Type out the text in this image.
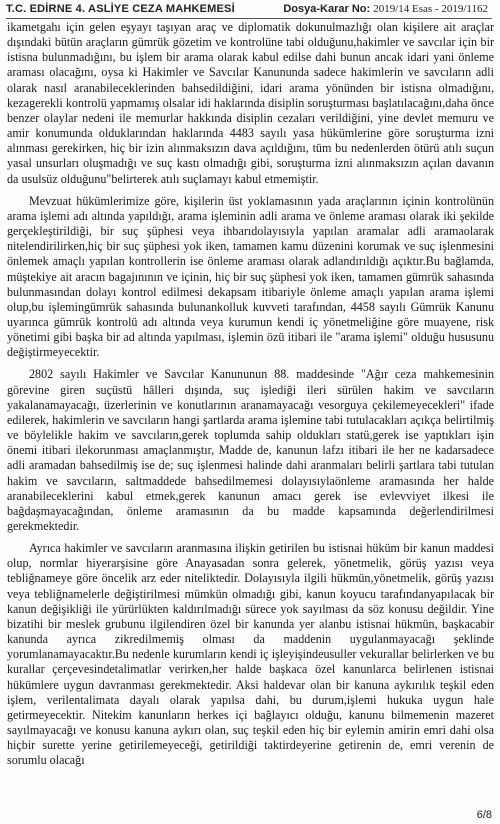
T.C. EDİRNE 4. ASLİYE CEZA MAHKEMESİ	Dosya-Karar No: 2019/14 Esas - 2019/1162

ikametgahı için gelen eşyayı taşıyan araç ve diplomatik dokunulmazlığı olan kişilere ait araçlar dışındaki bütün araçların gümrük gözetim ve kontrolüne tabi olduğunu,hakimler ve savcılar için bir istisna bulunmadığını, bu işlem bir arama olarak kabul edilse dahi bunun ancak idari yani önleme araması olacağını, oysa ki Hakimler ve Savcılar Kanununda sadece hakimlerin ve savcıların adli olarak nasıl aranabileceklerinden bahsedildiğini, idari arama yönünden bir istisna olmadığını, kezagerekli kontrolü yapmamış olsalar idi haklarında disiplin soruşturması başlatılacağını,daha önce benzer olaylar nedeni ile memurlar hakkında disiplin cezaları verildiğini, yine devlet memuru ve amir konumunda olduklarından haklarında 4483 sayılı yasa hükümlerine göre soruşturma izni alınması gerekirken, hiç bir izin alınmaksızın dava açıldığını, tüm bu nedenlerden ötürü atılı suçun yasal unsurları oluşmadığı ve suç kastı olmadığı gibi, soruşturma izni alınmaksızın açılan davanın da usulsüz olduğunu"belirterek atılı suçlamayı kabul etmemiştir.

Mevzuat hükümlerimize göre, kişilerin üst yoklamasının yada araçlarının içinin kontrolünün arama işlemi adı altında yapıldığı, arama işleminin adli arama ve önleme araması olarak iki şekilde gerçekleştirildiği, bir suç şüphesi veya ihbarıdolayısıyla yapılan aramalar adli aramaolarak nitelendirilirken,hiç bir suç şüphesi yok iken, tamamen kamu düzenini korumak ve suç işlenmesini önlemek amaçlı yapılan kontrollerin ise önleme araması olarak adlandırıldığı açıktır.Bu bağlamda, müştekiye ait aracın bagajınının ve içinin, hiç bir suç şüphesi yok iken, tamamen gümrük sahasında bulunmasından dolayı kontrol edilmesi dekapsam itibariyle önleme amaçlı yapılan arama işlemi olup,bu işlemingümrük sahasında bulunankolluk kuvveti tarafından, 4458 sayılı Gümrük Kanunu uyarınca gümrük kontrolü adı altında veya kurumun kendi iç yönetmeliğine göre muayene, risk yönetimi gibi başka bir ad altında yapılması, işlemin özü itibari ile "arama işlemi" olduğu hususunu değiştirmeyecektir.

2802 sayılı Hakimler ve Savcılar Kanununun 88. maddesinde "Ağır ceza mahkemesinin görevine giren suçüstü hâlleri dışında, suç işlediği ileri sürülen hakim ve savcıların yakalanamayacağı, üzerlerinin ve konutlarının aranamayacağı vesorguya çekilemeyecekleri" ifade edilerek, hakimlerin ve savcıların hangi şartlarda arama işlemine tabi tutulacakları açıkça belirtilmiş ve böylelikle hakim ve savcıların,gerek toplumda sahip oldukları statü,gerek ise yaptıkları işin önemi itibari ilekorunması amaçlanmıştır, Madde de, kanunun lafzı itibari ile her ne kadarsadece adli aramadan bahsedilmiş ise de; suç işlenmesi halinde dahi aranmaları belirli şartlara tabi tutulan hakim ve savcıların, saltmaddede bahsedilmemesi dolayısıylaönleme aramasında her halde aranabileceklerini kabul etmek,gerek kanunun amacı gerek ise evlevviyet ilkesi ile bağdaşmayacağından, önleme aramasının da bu madde kapsamında değerlendirilmesi gerekmektedir.

Ayrıca hakimler ve savcıların aranmasına ilişkin getirilen bu istisnai hüküm bir kanun maddesi olup, normlar hiyerarşisine göre Anayasadan sonra gelerek, yönetmelik, görüş yazısı veya tebliğnameye göre öncelik arz eder niteliktedir. Dolayısıyla ilgili hükmün,yönetmelik, görüş yazısı veya tebliğnamelerle değiştirilmesi mümkün olmadığı gibi, kanun koyucu tarafındanyapılacak bir kanun değişikliği ile yürürlükten kaldırılmadığı sürece yok sayılması da söz konusu değildir. Yine bizatihi bir meslek grubunu ilgilendiren özel bir kanunda yer alanbu istisnai hükmün, başkacabir kanunda ayrıca zikredilmemiş olması da maddenin uygulanmayacağı şeklinde yorumlanamayacaktır.Bu nedenle kurumların kendi iç işleyişindeusuller vekurallar belirlerken ve bu kurallar çerçevesindetalimatlar verirken,her halde başkaca özel kanunlarca belirlenen istisnai hükümlere uygun davranması gerekmektedir. Aksi haldevar olan bir kanuna aykırılık teşkil eden işlem, verilentalimata dayalı olarak yapılsa dahi, bu durum,işlemi hukuka uygun hale getirmeyecektir. Nitekim kanunların herkes içi bağlayıcı olduğu, kanunu bilmemenin mazeret sayılmayacağı ve konusu kanuna aykırı olan, suç teşkil eden hiç bir eylemin amirin emri dahi olsa hiçbir surette yerine getirilemeyeceği, getirildiği taktirdeyerine getirenin de, emri verenin de sorumlu olacağı

6/8
